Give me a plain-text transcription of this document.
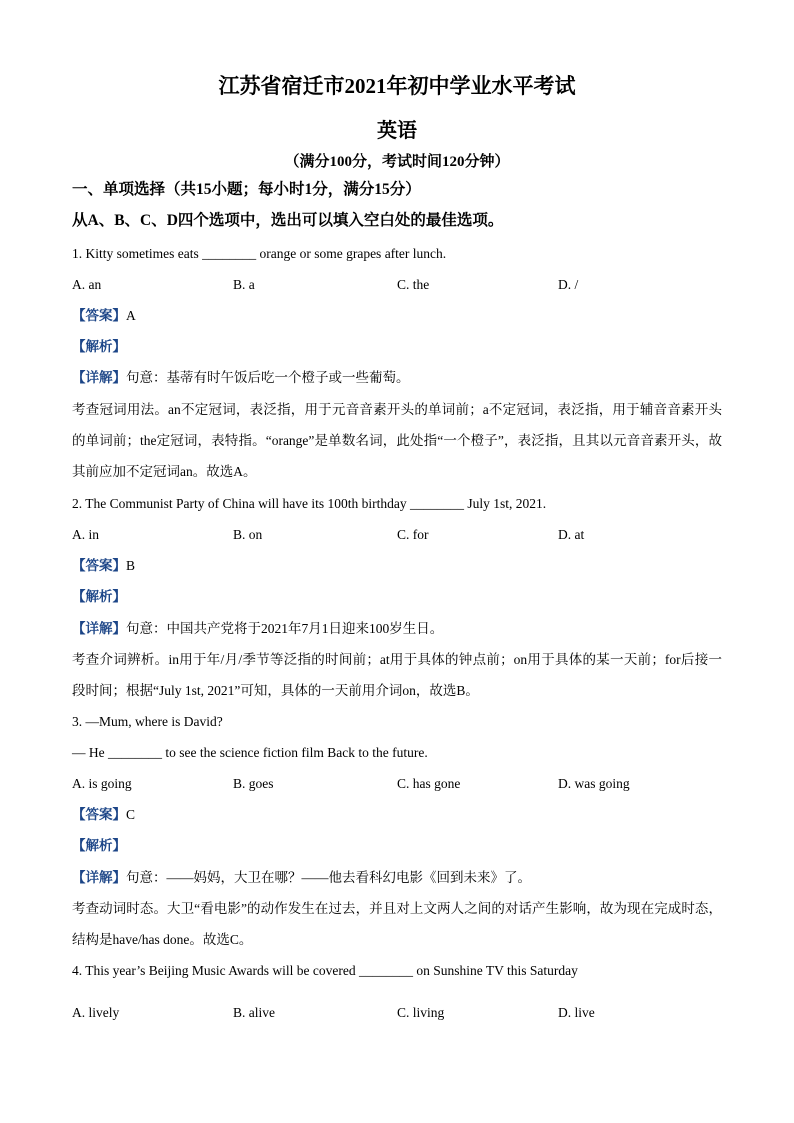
江苏省宿迁市2021年初中学业水平考试
英语
（满分100分，考试时间120分钟）
一、单项选择（共15小题；每小时1分，满分15分）
从A、B、C、D四个选项中，选出可以填入空白处的最佳选项。
1. Kitty sometimes eats ________ orange or some grapes after lunch.
A. an	B. a	C. the	D. /
【答案】A
【解析】
【详解】句意：基蒂有时午饭后吃一个橙子或一些葡萄。
考查冠词用法。an不定冠词，表泛指，用于元音音素开头的单词前；a不定冠词，表泛指，用于辅音音素开头的单词前；the定冠词，表特指。“orange”是单数名词，此处指“一个橙子”，表泛指，且其以元音音素开头，故其前应加不定冠词an。故选A。
2. The Communist Party of China will have its 100th birthday ________ July 1st, 2021.
A. in	B. on	C. for	D. at
【答案】B
【解析】
【详解】句意：中国共产党将于2021年7月1日迎来100岁生日。
考查介词辨析。in用于年/月/季节等泛指的时间前；at用于具体的钟点前；on用于具体的某一天前；for后接一段时间；根据“July 1st, 2021”可知，具体的一天前用介词on，故选B。
3. —Mum, where is David?
— He ________ to see the science fiction film Back to the future.
A. is going	B. goes	C. has gone	D. was going
【答案】C
【解析】
【详解】句意：——妈妈，大卫在哪？——他去看科幻电影《回到未来》了。
考查动词时态。大卫“看电影”的动作发生在过去，并且对上文两人之间的对话产生影响，故为现在完成时态，结构是have/has done。故选C。
4. This year’s Beijing Music Awards will be covered ________ on Sunshine TV this Saturday
A. lively	B. alive	C. living	D. live
